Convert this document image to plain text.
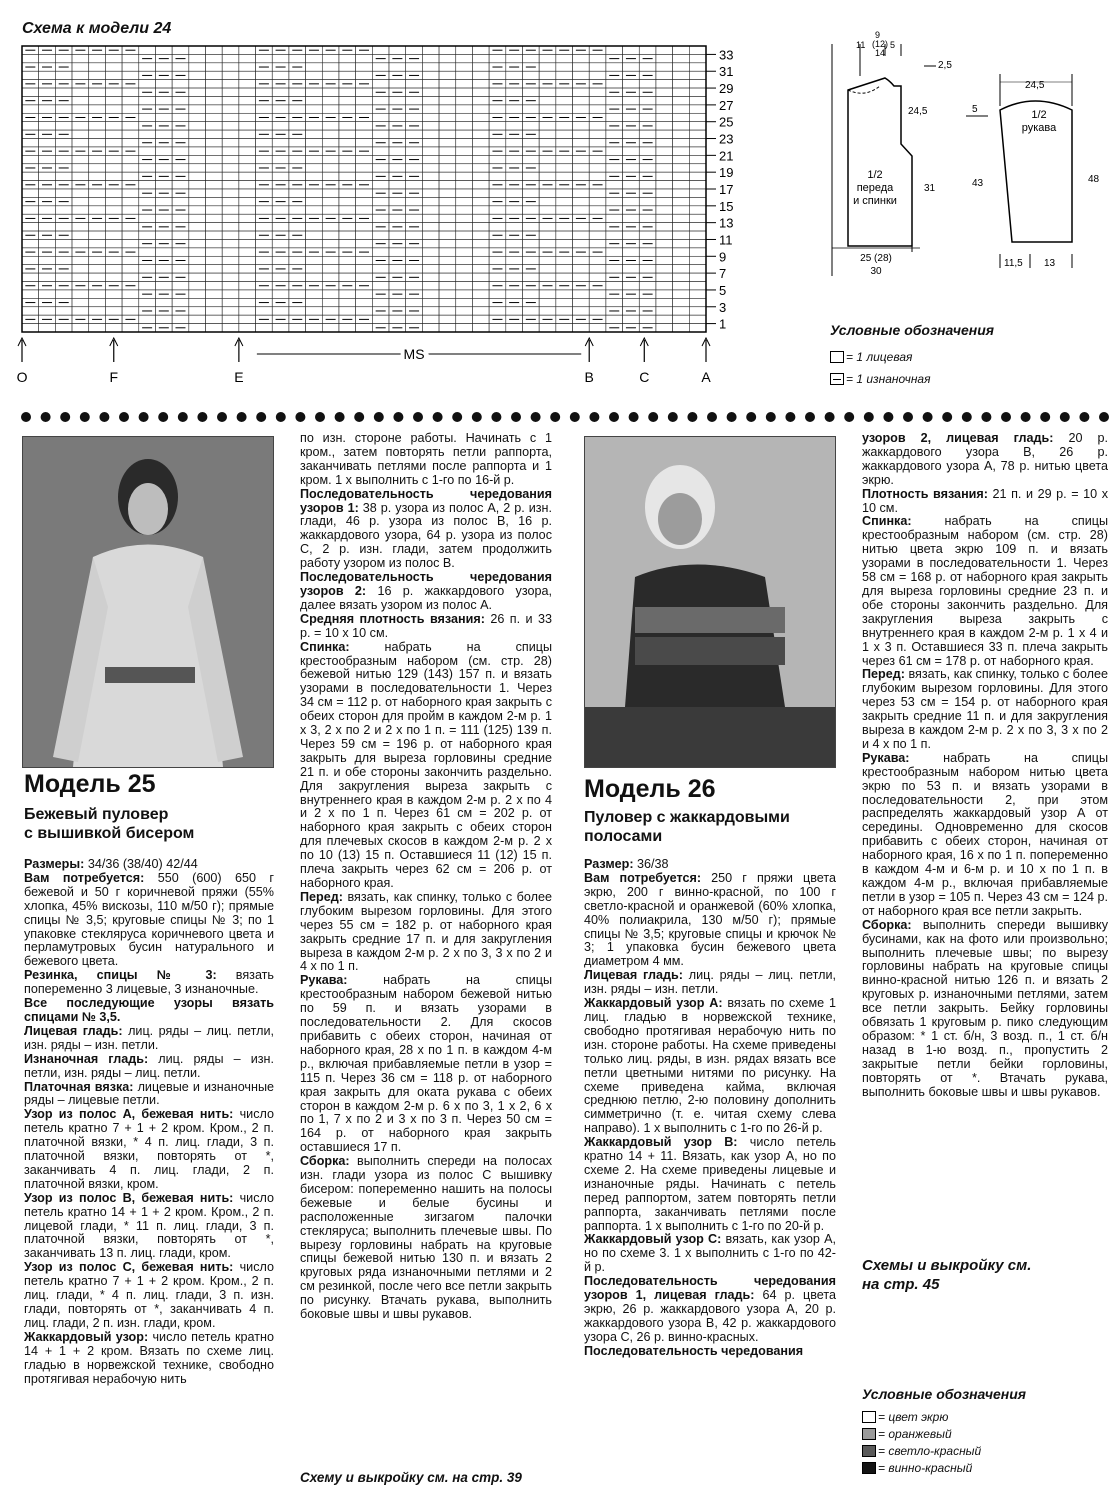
Схема к модели 24
33
31
29
27
25
23
21
19
17
15
13
11
9
7
5
3
1
O	F	E	B	C	A
MS
11
9
(12)
14
5
2,5
24,5
31
1/2 переда и спинки
25 (28) 30
24,5
5	1/2 рукава
43	48
11,5 13
Условные обозначения
= 1 лицевая
= 1 изнаночная
Модель 25
Бежевый пуловер
с вышивкой бисером
Модель 26
Пуловер с жаккардовыми
полосами

Размеры: 34/36 (38/40) 42/44

Вам потребуется: 550 (600) 650 г бежевой и 50 г коричневой пряжи (55% хлопка, 45% вискозы, 110 м/50 г); прямые спицы № 3,5; круговые спицы № 3; по 1 упаковке стекляруса коричневого цвета и перламутровых бусин натурального и бежевого цвета.

Резинка, спицы № 3: вязать попеременно 3 лицевые, 3 изнаночные.

Все последующие узоры вязать спицами № 3,5.

Лицевая гладь: лиц. ряды – лиц. петли, изн. ряды – изн. петли.

Изнаночная гладь: лиц. ряды – изн. петли, изн. ряды – лиц. петли.

Платочная вязка: лицевые и изнаночные ряды – лицевые петли.

Узор из полос А, бежевая нить: число петель кратно 7 + 1 + 2 кром. Кром., 2 п. платочной вязки, * 4 п. лиц. глади, 3 п. платочной вязки, повторять от *, заканчивать 4 п. лиц. глади, 2 п. платочной вязки, кром.

Узор из полос В, бежевая нить: число петель кратно 14 + 1 + 2 кром. Кром., 2 п. лицевой глади, * 11 п. лиц. глади, 3 п. платочной вязки, повторять от *, заканчивать 13 п. лиц. глади, кром.

Узор из полос С, бежевая нить: число петель кратно 7 + 1 + 2 кром. Кром., 2 п. лиц. глади, * 4 п. лиц. глади, 3 п. изн. глади, повторять от *, заканчивать 4 п. лиц. глади, 2 п. изн. глади, кром.

Жаккардовый узор: число петель кратно 14 + 1 + 2 кром. Вязать по схеме лиц. гладью в норвежской технике, свободно протягивая нерабочую нить

по изн. стороне работы. Начинать с 1 кром., затем повторять петли раппорта, заканчивать петлями после раппорта и 1 кром. 1 х выполнить с 1-го по 16-й р.

Последовательность чередования узоров 1: 38 р. узора из полос А, 2 р. изн. глади, 46 р. узора из полос В, 16 р. жаккардового узора, 64 р. узора из полос С, 2 р. изн. глади, затем продолжить работу узором из полос В.

Последовательность чередования узоров 2: 16 р. жаккардового узора, далее вязать узором из полос А.

Средняя плотность вязания: 26 п. и 33 р. = 10 х 10 см.

Спинка: набрать на спицы крестообразным набором (см. стр. 28) бежевой нитью 129 (143) 157 п. и вязать узорами в последовательности 1. Через 34 см = 112 р. от наборного края закрыть с обеих сторон для пройм в каждом 2-м р. 1 х 3, 2 х по 2 и 2 х по 1 п. = 111 (125) 139 п. Через 59 см = 196 р. от наборного края закрыть для выреза горловины средние 21 п. и обе стороны закончить раздельно. Для закругления выреза закрыть с внутреннего края в каждом 2-м р. 2 х по 4 и 2 х по 1 п. Через 61 см = 202 р. от наборного края закрыть с обеих сторон для плечевых скосов в каждом 2-м р. 2 х по 10 (13) 15 п. Оставшиеся 11 (12) 15 п. плеча закрыть через 62 см = 206 р. от наборного края.

Перед: вязать, как спинку, только с более глубоким вырезом горловины. Для этого через 55 см = 182 р. от наборного края закрыть средние 17 п. и для закругления выреза в каждом 2-м р. 2 х по 3, 3 х по 2 и 4 х по 1 п.

Рукава: набрать на спицы крестообразным набором бежевой нитью по 59 п. и вязать узорами в последовательности 2. Для скосов прибавить с обеих сторон, начиная от наборного края, 28 х по 1 п. в каждом 4-м р., включая прибавляемые петли в узор = 115 п. Через 36 см = 118 р. от наборного края закрыть для оката рукава с обеих сторон в каждом 2-м р. 6 х по 3, 1 х 2, 6 х по 1, 7 х по 2 и 3 х по 3 п. Через 50 см = 164 р. от наборного края закрыть оставшиеся 17 п.

Сборка: выполнить спереди на полосах изн. глади узора из полос С вышивку бисером: попеременно нашить на полосы бежевые и белые бусины и расположенные зигзагом палочки стекляруса; выполнить плечевые швы. По вырезу горловины набрать на круговые спицы бежевой нитью 130 п. и вязать 2 круговых ряда изнаночными петлями и 2 см резинкой, после чего все петли закрыть по рисунку. Втачать рукава, выполнить боковые швы и швы рукавов.

Схему и выкройку см. на стр. 39

Размер: 36/38

Вам потребуется: 250 г пряжи цвета экрю, 200 г винно-красной, по 100 г светло-красной и оранжевой (60% хлопка, 40% полиакрила, 130 м/50 г); прямые спицы № 3,5; круговые спицы и крючок № 3; 1 упаковка бусин бежевого цвета диаметром 4 мм.

Лицевая гладь: лиц. ряды – лиц. петли, изн. ряды – изн. петли.

Жаккардовый узор А: вязать по схеме 1 лиц. гладью в норвежской технике, свободно протягивая нерабочую нить по изн. стороне работы. На схеме приведены только лиц. ряды, в изн. рядах вязать все петли цветными нитями по рисунку. На схеме приведена кайма, включая среднюю петлю, 2-ю половину дополнить симметрично (т. е. читая схему слева направо). 1 х выполнить с 1-го по 26-й р.

Жаккардовый узор В: число петель кратно 14 + 11. Вязать, как узор А, но по схеме 2. На схеме приведены лицевые и изнаночные ряды. Начинать с петель перед раппортом, затем повторять петли раппорта, заканчивать петлями после раппорта. 1 х выполнить с 1-го по 20-й р.

Жаккардовый узор С: вязать, как узор А, но по схеме 3. 1 х выполнить с 1-го по 42-й р.

Последовательность чередования узоров 1, лицевая гладь: 64 р. цвета экрю, 26 р. жаккардового узора А, 20 р. жаккардового узора В, 42 р. жаккардового узора С, 26 р. винно-красных.

Последовательность чередования

узоров 2, лицевая гладь: 20 р. жаккардового узора В, 26 р. жаккардового узора А, 78 р. нитью цвета экрю.

Плотность вязания: 21 п. и 29 р. = 10 х 10 см.

Спинка: набрать на спицы крестообразным набором (см. стр. 28) нитью цвета экрю 109 п. и вязать узорами в последовательности 1. Через 58 см = 168 р. от наборного края закрыть для выреза горловины средние 23 п. и обе стороны закончить раздельно. Для закругления выреза закрыть с внутреннего края в каждом 2-м р. 1 х 4 и 1 х 3 п. Оставшиеся 33 п. плеча закрыть через 61 см = 178 р. от наборного края.

Перед: вязать, как спинку, только с более глубоким вырезом горловины. Для этого через 53 см = 154 р. от наборного края закрыть средние 11 п. и для закругления выреза в каждом 2-м р. 2 х по 3, 3 х по 2 и 4 х по 1 п.

Рукава: набрать на спицы крестообразным набором нитью цвета экрю по 53 п. и вязать узорами в последовательности 2, при этом распределять жаккардовый узор А от середины. Одновременно для скосов прибавить с обеих сторон, начиная от наборного края, 16 х по 1 п. попеременно в каждом 4-м и 6-м р. и 10 х по 1 п. в каждом 4-м р., включая прибавляемые петли в узор = 105 п. Через 43 см = 124 р. от наборного края все петли закрыть.

Сборка: выполнить спереди вышивку бусинами, как на фото или произвольно; выполнить плечевые швы; по вырезу горловины набрать на круговые спицы винно-красной нитью 126 п. и вязать 2 круговых р. изнаночными петлями, затем все петли закрыть. Бейку горловины обвязать 1 круговым р. пико следующим образом: * 1 ст. б/н, 3 возд. п., 1 ст. б/н назад в 1-ю возд. п., пропустить 2 закрытые петли бейки горловины, повторять от *. Втачать рукава, выполнить боковые швы и швы рукавов.

Схемы и выкройку см.
на стр. 45
Условные обозначения
= цвет экрю
= оранжевый
= светло-красный
= винно-красный
